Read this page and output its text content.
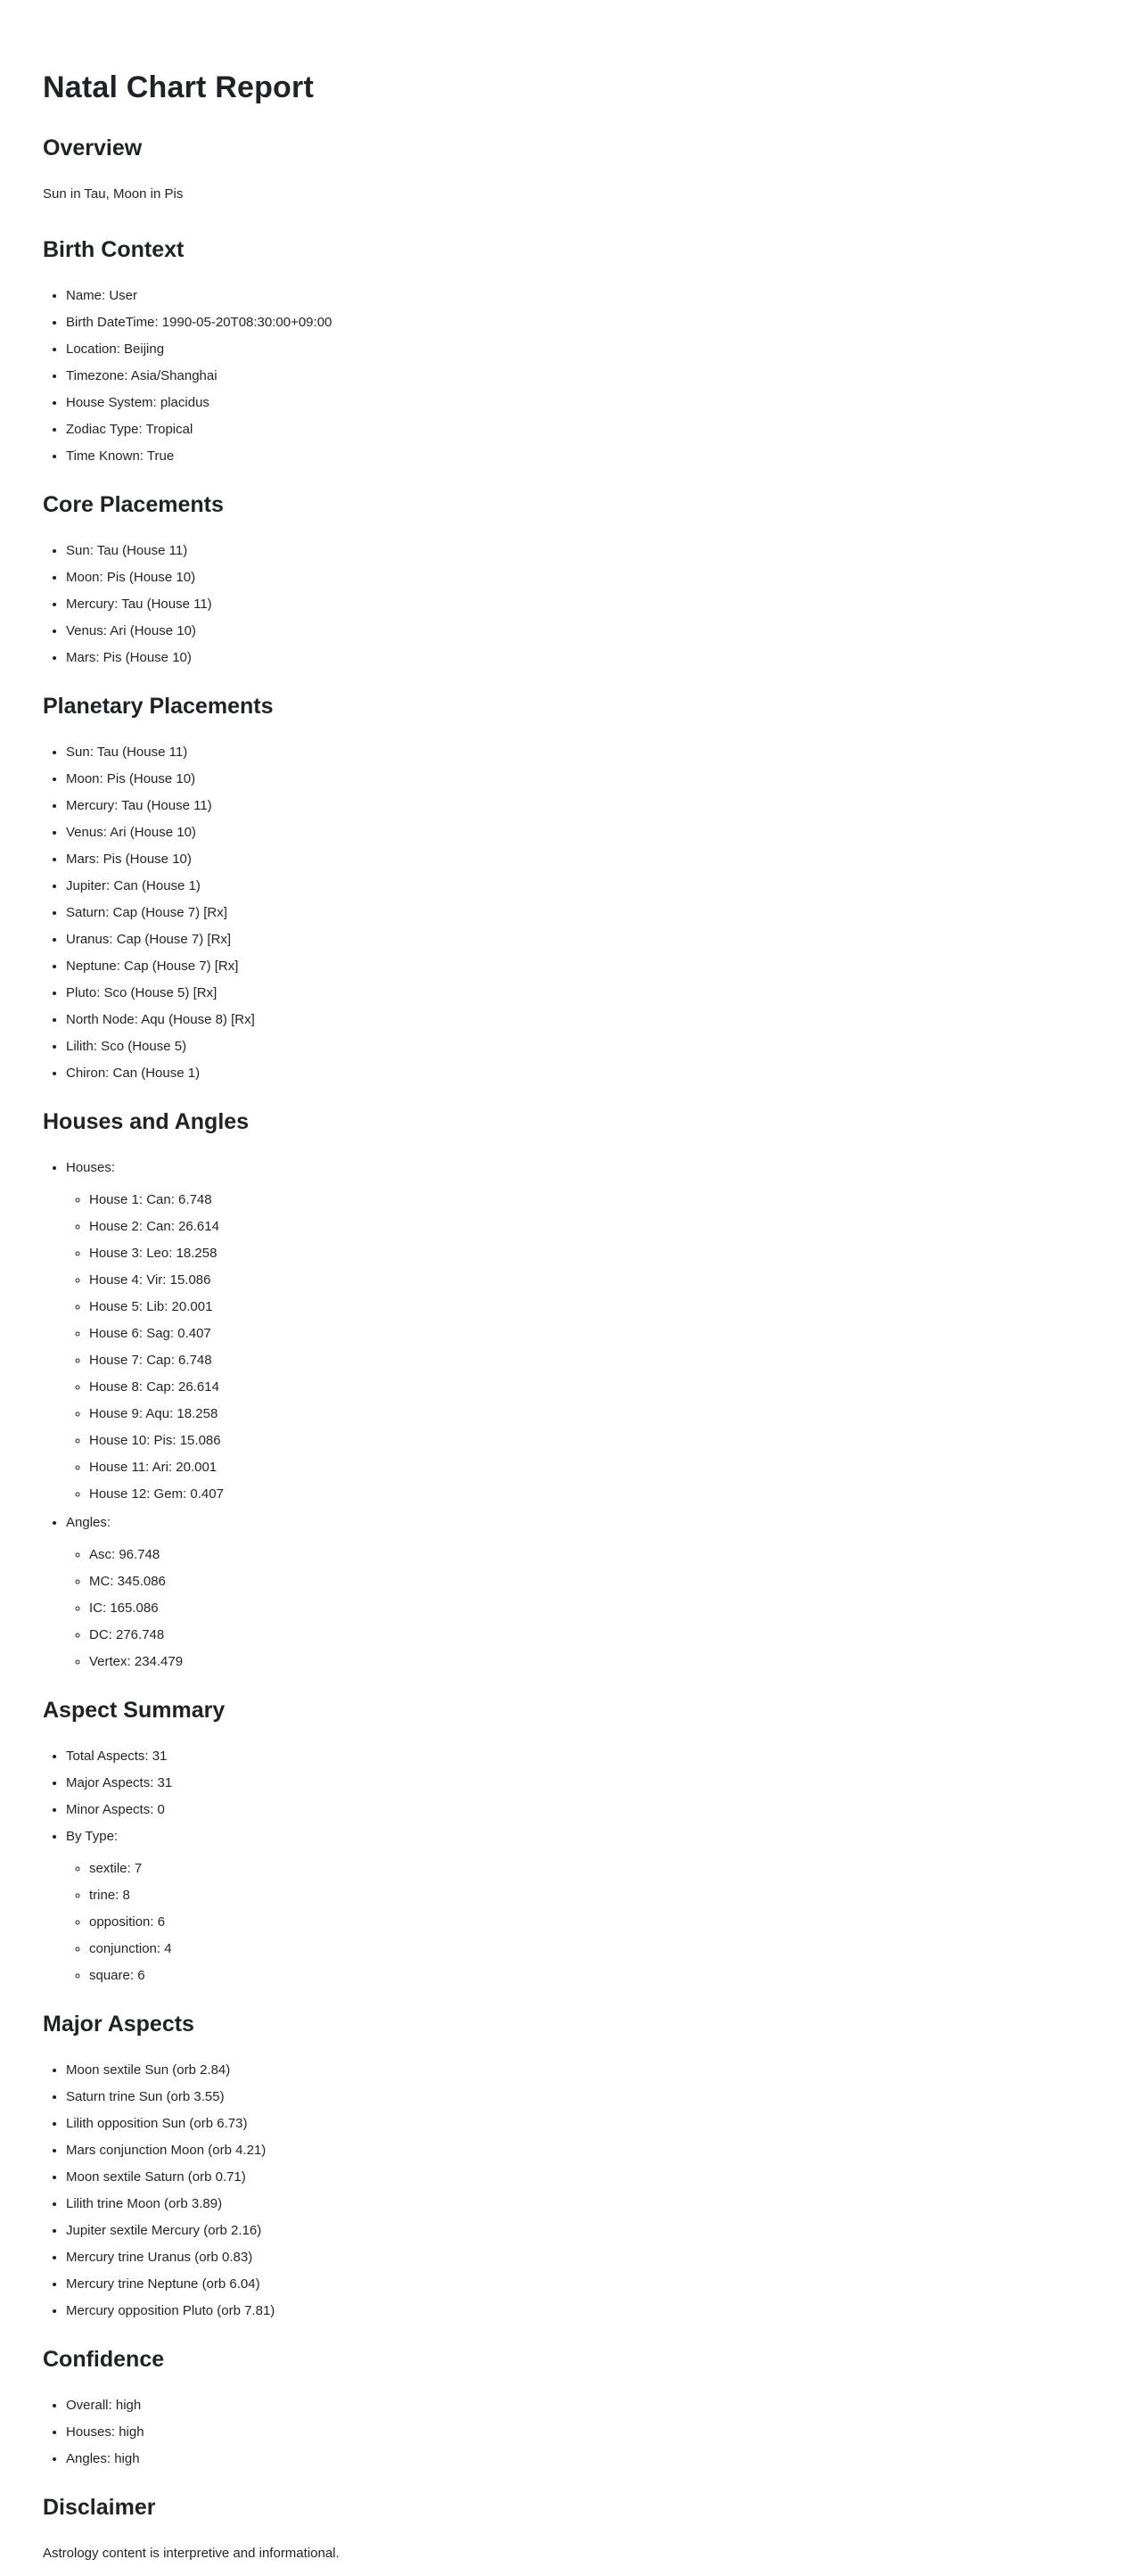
Natal Chart Report
Overview

Sun in Tau, Moon in Pis

Birth Context
• Name: User
• Birth DateTime: 1990-05-20T08:30:00+09:00
• Location: Beijing
• Timezone: Asia/Shanghai
• House System: placidus
• Zodiac Type: Tropical
• Time Known: True
Core Placements
• Sun: Tau (House 11)
• Moon: Pis (House 10)
• Mercury: Tau (House 11)
• Venus: Ari (House 10)
• Mars: Pis (House 10)
Planetary Placements
• Sun: Tau (House 11)
• Moon: Pis (House 10)
• Mercury: Tau (House 11)
• Venus: Ari (House 10)
• Mars: Pis (House 10)
• Jupiter: Can (House 1)
• Saturn: Cap (House 7) [Rx]
• Uranus: Cap (House 7) [Rx]
• Neptune: Cap (House 7) [Rx]
• Pluto: Sco (House 5) [Rx]
• North Node: Aqu (House 8) [Rx]
• Lilith: Sco (House 5)
• Chiron: Can (House 1)
Houses and Angles
• Houses:
◦ House 1: Can: 6.748
◦ House 2: Can: 26.614
◦ House 3: Leo: 18.258
◦ House 4: Vir: 15.086
◦ House 5: Lib: 20.001
◦ House 6: Sag: 0.407
◦ House 7: Cap: 6.748
◦ House 8: Cap: 26.614
◦ House 9: Aqu: 18.258
◦ House 10: Pis: 15.086
◦ House 11: Ari: 20.001
◦ House 12: Gem: 0.407
• Angles:
◦ Asc: 96.748
◦ MC: 345.086
◦ IC: 165.086
◦ DC: 276.748
◦ Vertex: 234.479
Aspect Summary
• Total Aspects: 31
• Major Aspects: 31
• Minor Aspects: 0
• By Type:
◦ sextile: 7
◦ trine: 8
◦ opposition: 6
◦ conjunction: 4
◦ square: 6
Major Aspects
• Moon sextile Sun (orb 2.84)
• Saturn trine Sun (orb 3.55)
• Lilith opposition Sun (orb 6.73)
• Mars conjunction Moon (orb 4.21)
• Moon sextile Saturn (orb 0.71)
• Lilith trine Moon (orb 3.89)
• Jupiter sextile Mercury (orb 2.16)
• Mercury trine Uranus (orb 0.83)
• Mercury trine Neptune (orb 6.04)
• Mercury opposition Pluto (orb 7.81)
Confidence
• Overall: high
• Houses: high
• Angles: high
Disclaimer

Astrology content is interpretive and informational.
